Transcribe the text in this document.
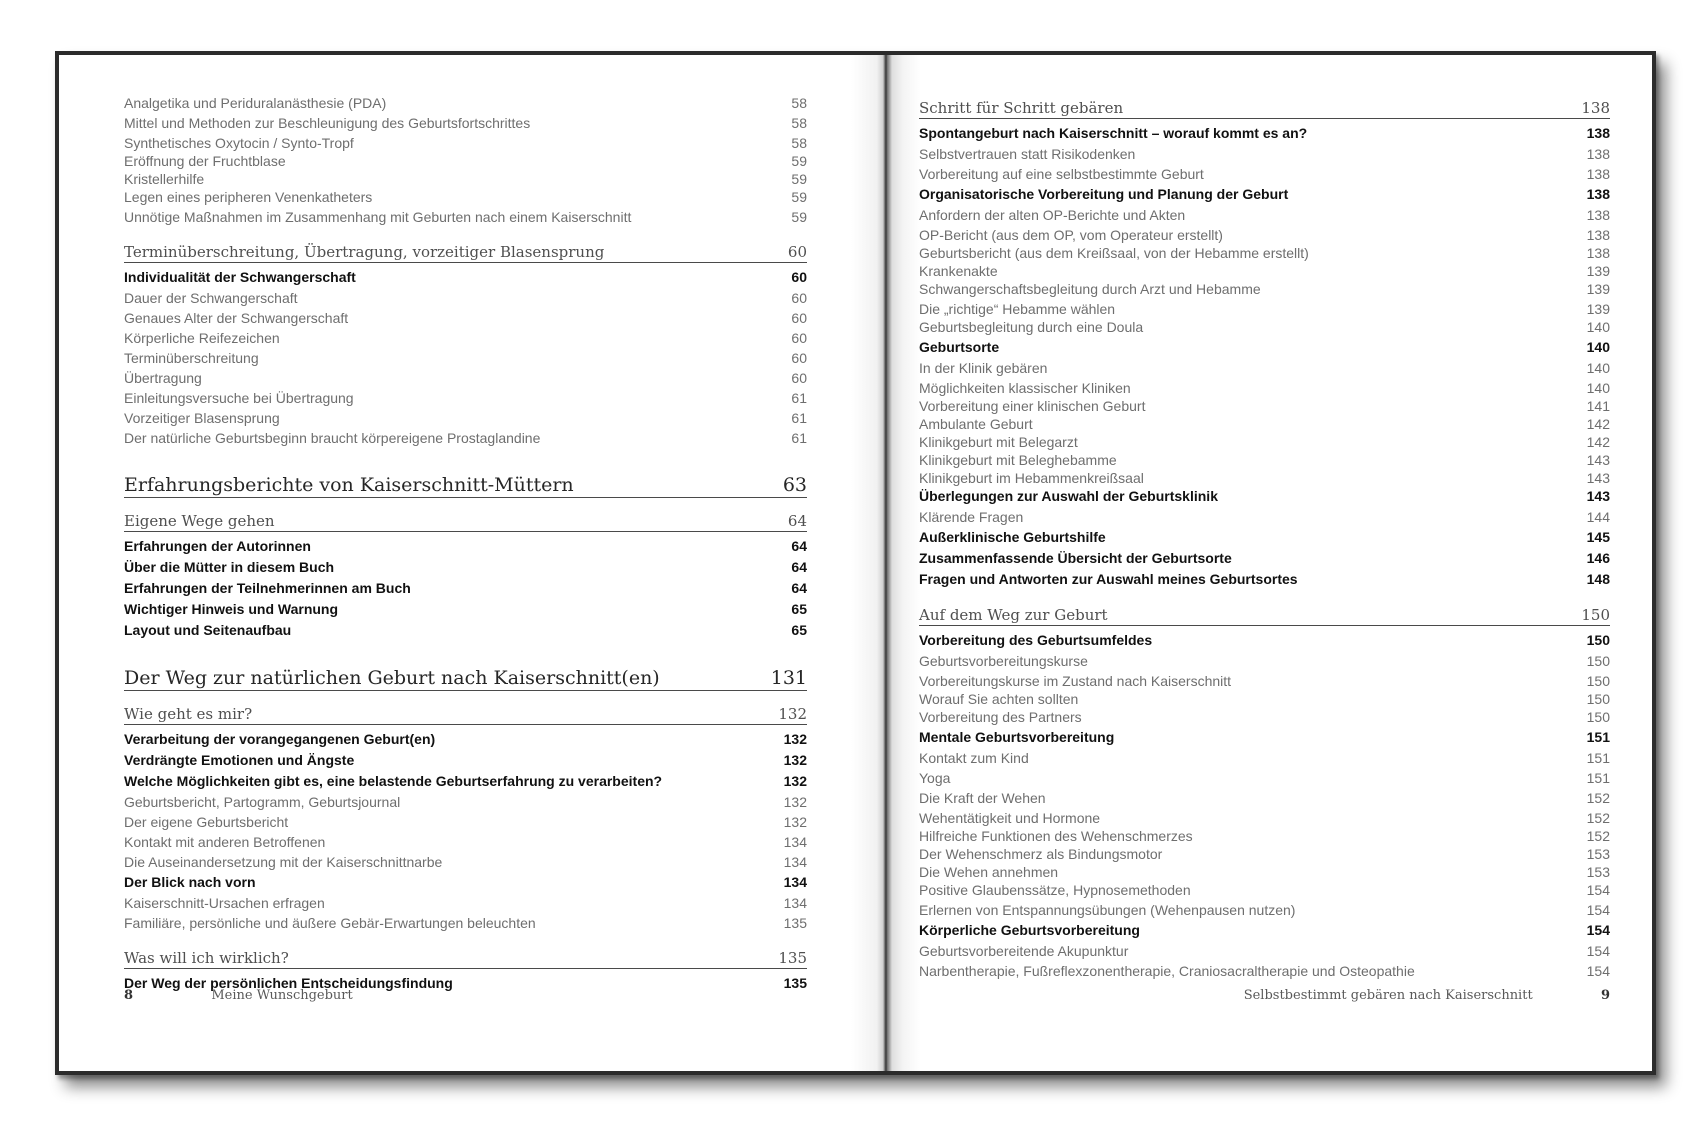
Analgetika und Periduralanästhesie (PDA)	58
Mittel und Methoden zur Beschleunigung des Geburtsfortschrittes	58
Synthetisches Oxytocin / Synto-Tropf	58
Eröffnung der Fruchtblase	59
Kristellerhilfe	59
Legen eines peripheren Venenkatheters	59
Unnötige Maßnahmen im Zusammenhang mit Geburten nach einem Kaiserschnitt	59
Terminüberschreitung, Übertragung, vorzeitiger Blasensprung	60
Individualität der Schwangerschaft	60
Dauer der Schwangerschaft	60
Genaues Alter der Schwangerschaft	60
Körperliche Reifezeichen	60
Terminüberschreitung	60
Übertragung	60
Einleitungsversuche bei Übertragung	61
Vorzeitiger Blasensprung	61
Der natürliche Geburtsbeginn braucht körpereigene Prostaglandine	61
Erfahrungsberichte von Kaiserschnitt-Müttern	63
Eigene Wege gehen	64
Erfahrungen der Autorinnen	64
Über die Mütter in diesem Buch	64
Erfahrungen der Teilnehmerinnen am Buch	64
Wichtiger Hinweis und Warnung	65
Layout und Seitenaufbau	65
Der Weg zur natürlichen Geburt nach Kaiserschnitt(en)	131
Wie geht es mir?	132
Verarbeitung der vorangegangenen Geburt(en)	132
Verdrängte Emotionen und Ängste	132
Welche Möglichkeiten gibt es, eine belastende Geburtserfahrung zu verarbeiten?	132
Geburtsbericht, Partogramm, Geburtsjournal	132
Der eigene Geburtsbericht	132
Kontakt mit anderen Betroffenen	134
Die Auseinandersetzung mit der Kaiserschnittnarbe	134
Der Blick nach vorn	134
Kaiserschnitt-Ursachen erfragen	134
Familiäre, persönliche und äußere Gebär-Erwartungen beleuchten	135
Was will ich wirklich?	135
Der Weg der persönlichen Entscheidungsfindung	135
8	Meine Wunschgeburt
Schritt für Schritt gebären	138
Spontangeburt nach Kaiserschnitt – worauf kommt es an?	138
Selbstvertrauen statt Risikodenken	138
Vorbereitung auf eine selbstbestimmte Geburt	138
Organisatorische Vorbereitung und Planung der Geburt	138
Anfordern der alten OP-Berichte und Akten	138
OP-Bericht (aus dem OP, vom Operateur erstellt)	138
Geburtsbericht (aus dem Kreißsaal, von der Hebamme erstellt)	138
Krankenakte	139
Schwangerschaftsbegleitung durch Arzt und Hebamme	139
Die „richtige“ Hebamme wählen	139
Geburtsbegleitung durch eine Doula	140
Geburtsorte	140
In der Klinik gebären	140
Möglichkeiten klassischer Kliniken	140
Vorbereitung einer klinischen Geburt	141
Ambulante Geburt	142
Klinikgeburt mit Belegarzt	142
Klinikgeburt mit Beleghebamme	143
Klinikgeburt im Hebammenkreißsaal	143
Überlegungen zur Auswahl der Geburtsklinik	143
Klärende Fragen	144
Außerklinische Geburtshilfe	145
Zusammenfassende Übersicht der Geburtsorte	146
Fragen und Antworten zur Auswahl meines Geburtsortes	148
Auf dem Weg zur Geburt	150
Vorbereitung des Geburtsumfeldes	150
Geburtsvorbereitungskurse	150
Vorbereitungskurse im Zustand nach Kaiserschnitt	150
Worauf Sie achten sollten	150
Vorbereitung des Partners	150
Mentale Geburtsvorbereitung	151
Kontakt zum Kind	151
Yoga	151
Die Kraft der Wehen	152
Wehentätigkeit und Hormone	152
Hilfreiche Funktionen des Wehenschmerzes	152
Der Wehenschmerz als Bindungsmotor	153
Die Wehen annehmen	153
Positive Glaubenssätze, Hypnosemethoden	154
Erlernen von Entspannungsübungen (Wehenpausen nutzen)	154
Körperliche Geburtsvorbereitung	154
Geburtsvorbereitende Akupunktur	154
Narbentherapie, Fußreflexzonentherapie, Craniosacraltherapie und Osteopathie	154
Selbstbestimmt gebären nach Kaiserschnitt	9
